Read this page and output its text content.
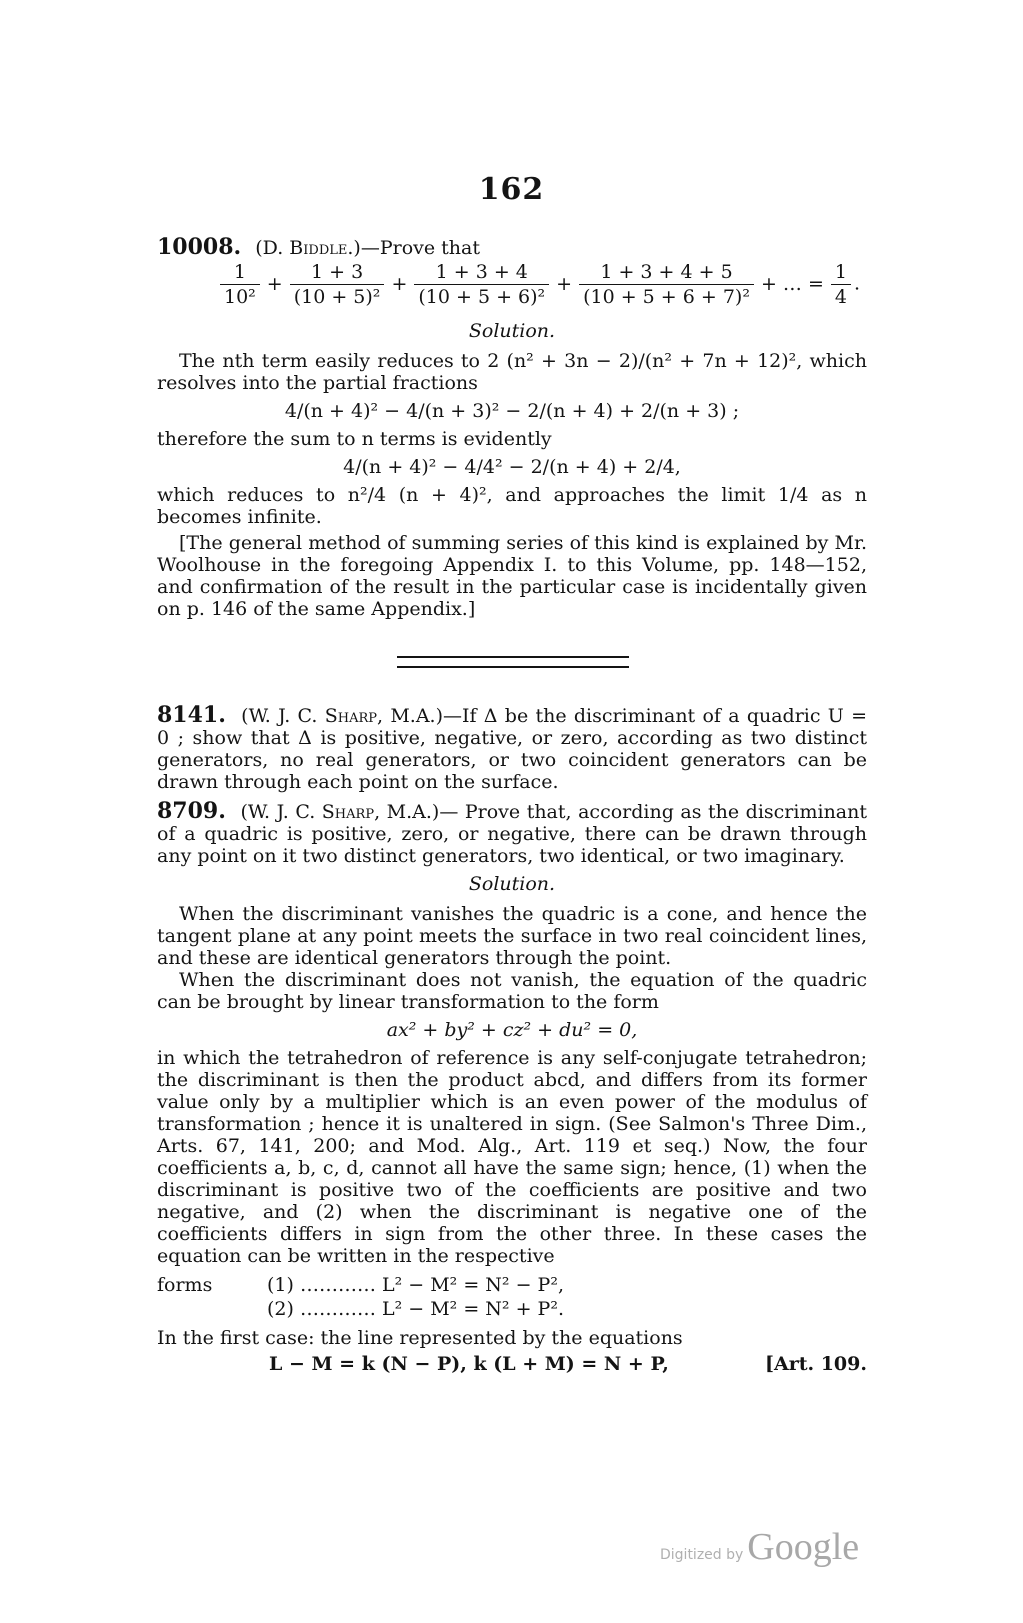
162

10008. (D. Biddle.)—Prove that

$\frac{1}{\text{10²}} + \frac{1 + 3}{\text{(10 + 5)²}} + \frac{1 + 3 + 4}{\text{(10 + 5 + 6)²}} + \frac{1 + 3 + 4 + 5}{\text{(10 + 5 + 6 + 7)²}}$ + … = $\frac{1}{4}$ .
Solution.

The nth term easily reduces to 2 (n² + 3n − 2)/(n² + 7n + 12)², which resolves into the partial fractions

4/(n + 4)² − 4/(n + 3)² − 2/(n + 4) + 2/(n + 3) ;

therefore the sum to n terms is evidently

4/(n + 4)² − 4/4² − 2/(n + 4) + 2/4,

which reduces to n²/4 (n + 4)², and approaches the limit 1/4 as n becomes infinite.

[The general method of summing series of this kind is explained by Mr. Woolhouse in the foregoing Appendix I. to this Volume, pp. 148—152, and confirmation of the result in the particular case is incidentally given on p. 146 of the same Appendix.]

8141. (W. J. C. Sharp, M.A.)—If Δ be the discriminant of a quadric U = 0 ; show that Δ is positive, negative, or zero, according as two distinct generators, no real generators, or two coincident generators can be drawn through each point on the surface.

8709. (W. J. C. Sharp, M.A.)— Prove that, according as the discriminant of a quadric is positive, zero, or negative, there can be drawn through any point on it two distinct generators, two identical, or two imaginary.

Solution.

When the discriminant vanishes the quadric is a cone, and hence the tangent plane at any point meets the surface in two real coincident lines, and these are identical generators through the point.

When the discriminant does not vanish, the equation of the quadric can be brought by linear transformation to the form

ax² + by² + cz² + du² = 0,

in which the tetrahedron of reference is any self-conjugate tetrahedron; the discriminant is then the product abcd, and differs from its former value only by a multiplier which is an even power of the modulus of transformation ; hence it is unaltered in sign. (See Salmon's Three Dim., Arts. 67, 141, 200; and Mod. Alg., Art. 119 et seq.) Now, the four coefficients a, b, c, d, cannot all have the same sign; hence, (1) when the discriminant is positive two of the coefficients are positive and two negative, and (2) when the discriminant is negative one of the coefficients differs in sign from the other three. In these cases the equation can be written in the respective

forms	(1) ………… L² − M² = N² − P²,
(2) ………… L² − M² = N² + P².

In the first case: the line represented by the equations

L − M = k (N − P), k (L + M) = N + P,	[Art. 109.
Digitized by Google
